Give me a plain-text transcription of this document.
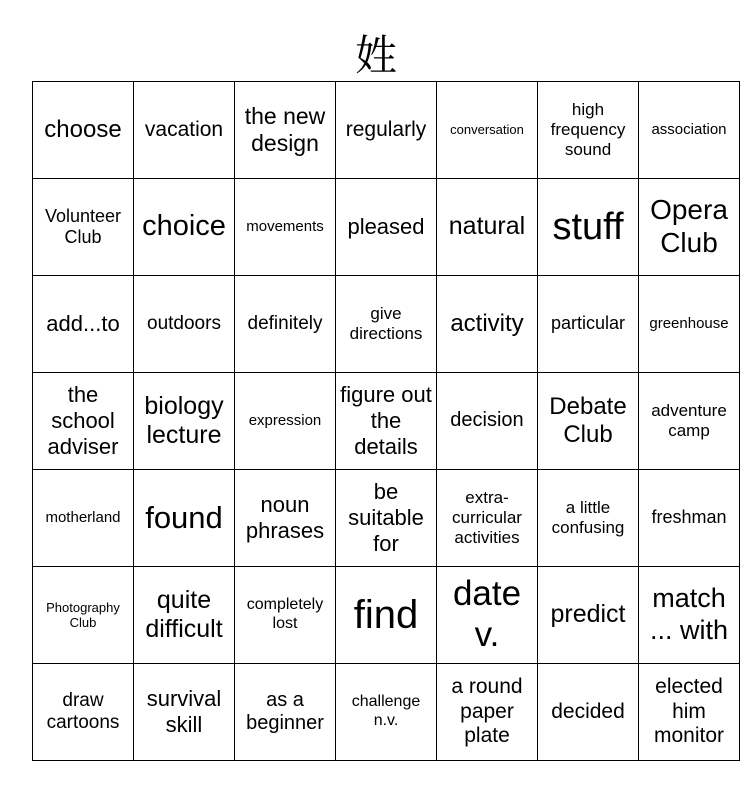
姓
choose	vacation	the new design	regularly	conversation	high frequency sound	association
Volunteer Club	choice	movements	pleased	natural	stuff	Opera Club
add...to	outdoors	definitely	give directions	activity	particular	greenhouse
the school adviser	biology lecture	expression	figure out the details	decision	Debate Club	adventure camp
motherland	found	noun phrases	be suitable for	extra-curricular activities	a little confusing	freshman
Photography Club	quite difficult	completely lost	find	date v.	predict	match ... with
draw cartoons	survival skill	as a beginner	challenge n.v.	a round paper plate	decided	elected him monitor
